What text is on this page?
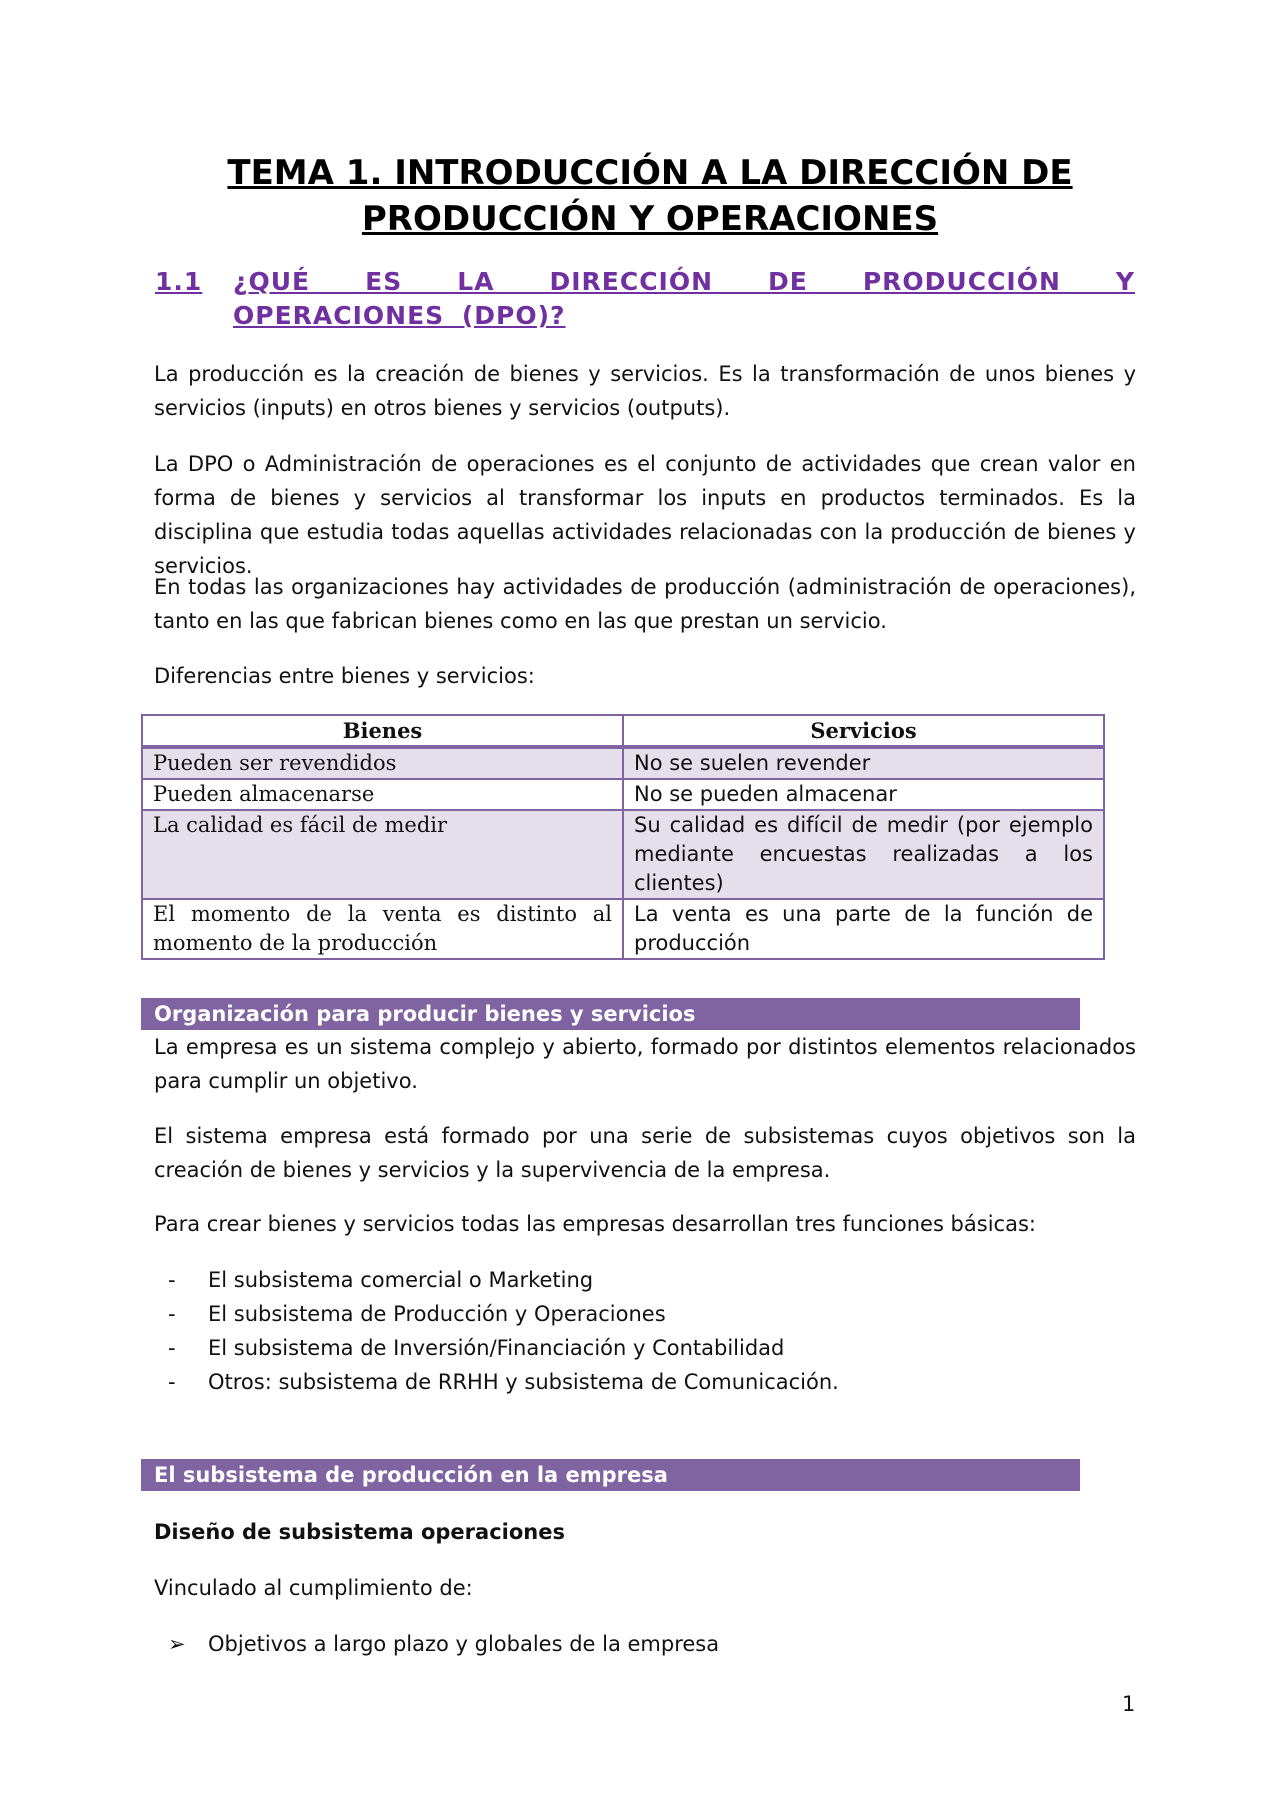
TEMA 1. INTRODUCCIÓN A LA DIRECCIÓN DE
PRODUCCIÓN Y OPERACIONES
1.1 ¿QUÉ ES LA DIRECCIÓN DE PRODUCCIÓN Y OPERACIONES (DPO)?

La producción es la creación de bienes y servicios. Es la transformación de unos bienes y servicios (inputs) en otros bienes y servicios (outputs).

La DPO o Administración de operaciones es el conjunto de actividades que crean valor en forma de bienes y servicios al transformar los inputs en productos terminados. Es la disciplina que estudia todas aquellas actividades relacionadas con la producción de bienes y servicios.

En todas las organizaciones hay actividades de producción (administración de operaciones), tanto en las que fabrican bienes como en las que prestan un servicio.

Diferencias entre bienes y servicios:

Bienes	Servicios
Pueden ser revendidos	No se suelen revender
Pueden almacenarse	No se pueden almacenar
La calidad es fácil de medir	Su calidad es difícil de medir (por ejemplo mediante encuestas realizadas a los clientes)
El momento de la venta es distinto al momento de la producción	La venta es una parte de la función de producción
Organización para producir bienes y servicios

La empresa es un sistema complejo y abierto, formado por distintos elementos relacionados para cumplir un objetivo.

El sistema empresa está formado por una serie de subsistemas cuyos objetivos son la creación de bienes y servicios y la supervivencia de la empresa.

Para crear bienes y servicios todas las empresas desarrollan tres funciones básicas:

- El subsistema comercial o Marketing
- El subsistema de Producción y Operaciones
- El subsistema de Inversión/Financiación y Contabilidad
- Otros: subsistema de RRHH y subsistema de Comunicación.
El subsistema de producción en la empresa

Diseño de subsistema operaciones

Vinculado al cumplimiento de:

➢ Objetivos a largo plazo y globales de la empresa
1
